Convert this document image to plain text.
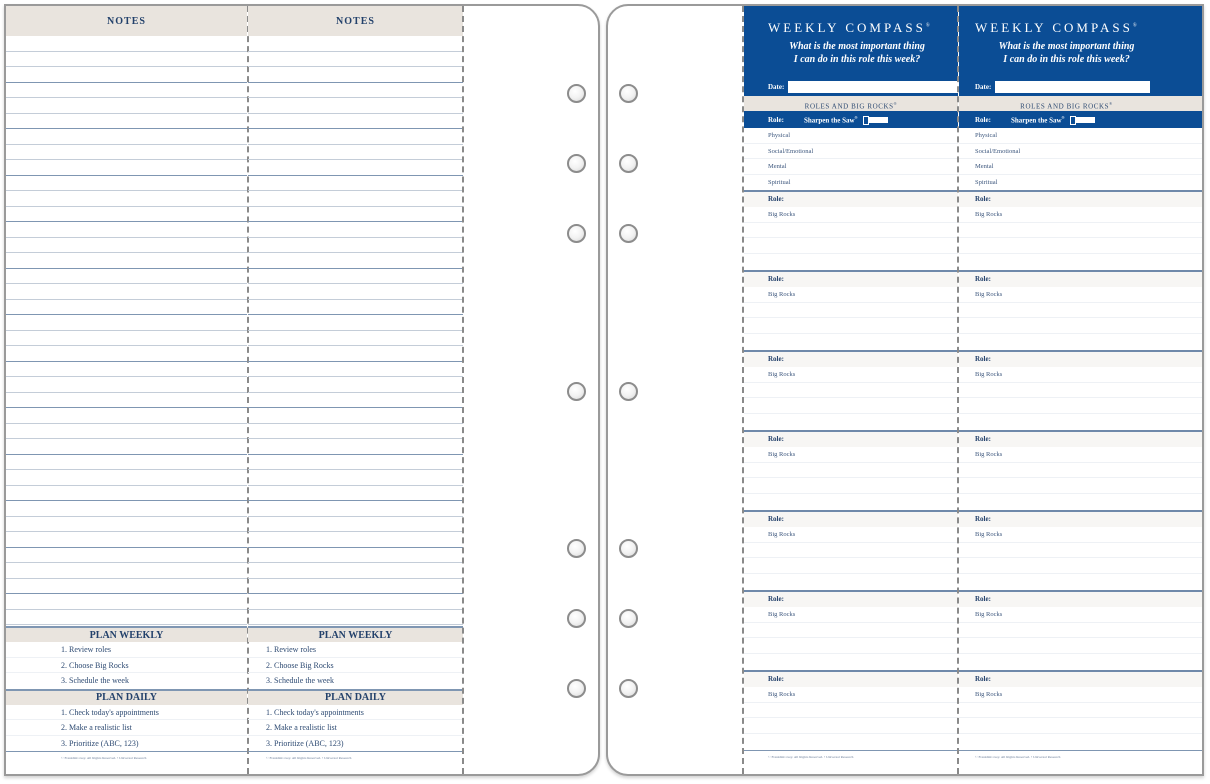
NOTES
PLAN WEEKLY
1. Review roles
2. Choose Big Rocks
3. Schedule the week
PLAN DAILY
1. Check today's appointments
2. Make a realistic list
3. Prioritize (ABC, 123)
© FranklinCovey. All Rights Reserved. • Universal Research
NOTES
PLAN WEEKLY
1. Review roles
2. Choose Big Rocks
3. Schedule the week
PLAN DAILY
1. Check today's appointments
2. Make a realistic list
3. Prioritize (ABC, 123)
© FranklinCovey. All Rights Reserved. • Universal Research
WEEKLY COMPASS®
What is the most important thing
I can do in this role this week?
Date:
ROLES AND BIG ROCKS®
Role:	Sharpen the Saw®
Physical
Social/Emotional
Mental
Spiritual
Role:
Big Rocks
Role:
Big Rocks
Role:
Big Rocks
Role:
Big Rocks
Role:
Big Rocks
Role:
Big Rocks
Role:
Big Rocks
© FranklinCovey. All Rights Reserved. • Universal Research
WEEKLY COMPASS®
What is the most important thing
I can do in this role this week?
Date:
ROLES AND BIG ROCKS®
Role:	Sharpen the Saw®
Physical
Social/Emotional
Mental
Spiritual
Role:
Big Rocks
Role:
Big Rocks
Role:
Big Rocks
Role:
Big Rocks
Role:
Big Rocks
Role:
Big Rocks
Role:
Big Rocks
© FranklinCovey. All Rights Reserved. • Universal Research
